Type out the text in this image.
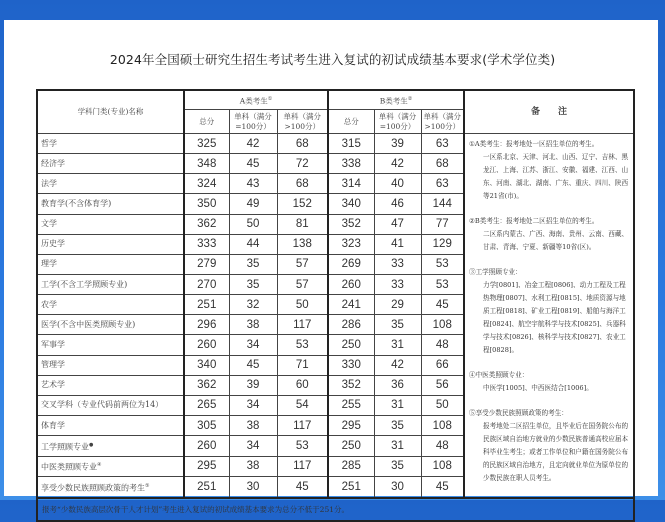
2024年全国硕士研究生招生考试考生进入复试的初试成绩基本要求(学术学位类)
学科门类(专业)名称	A类考生①	B类考生②	备　　注
总分	单科（满分=100分）	单科（满分>100分）	总分	单科（满分=100分）	单科（满分>100分）
哲学	325	42	68	315	39	63	①A类考生：报考地处一区招生单位的考生。
一区系北京、天津、河北、山西、辽宁、吉林、黑龙江、上海、江苏、浙江、安徽、福建、江西、山东、河南、湖北、湖南、广东、重庆、四川、陕西等21省(市)。

②B类考生：报考地处二区招生单位的考生。
二区系内蒙古、广西、海南、贵州、云南、西藏、甘肃、青海、宁夏、新疆等10省(区)。

③工学照顾专业：
力学[0801]、冶金工程[0806]、动力工程及工程热物理[0807]、水利工程[0815]、地质资源与地质工程[0818]、矿业工程[0819]、船舶与海洋工程[0824]、航空宇航科学与技术[0825]、兵器科学与技术[0826]、核科学与技术[0827]、农业工程[0828]。

④中医类照顾专业：
中医学[1005]、中西医结合[1006]。

⑤享受少数民族照顾政策的考生：
报考地处二区招生单位，且毕业后在国务院公布的民族区域自治地方就业的少数民族普通高校应届本科毕业生考生；或者工作单位和户籍在国务院公布的民族区域自治地方，且定向就业单位为原单位的少数民族在职人员考生。

经济学	348	45	72	338	42	68
法学	324	43	68	314	40	63
教育学(不含体育学)	350	49	152	340	46	144
文学	362	50	81	352	47	77
历史学	333	44	138	323	41	129
理学	279	35	57	269	33	53
工学(不含工学照顾专业)	270	35	57	260	33	53
农学	251	32	50	241	29	45
医学(不含中医类照顾专业)	296	38	117	286	35	108
军事学	260	34	53	250	31	48
管理学	340	45	71	330	42	66
艺术学	362	39	60	352	36	56
交叉学科（专业代码前两位为14）	265	34	54	255	31	50
体育学	305	38	117	295	35	108
工学照顾专业●	260	34	53	250	31	48
中医类照顾专业④	295	38	117	285	35	108
享受少数民族照顾政策的考生⑤	251	30	45	251	30	45
报考“少数民族高层次骨干人才计划”考生进入复试的初试成绩基本要求为总分不低于251分。
